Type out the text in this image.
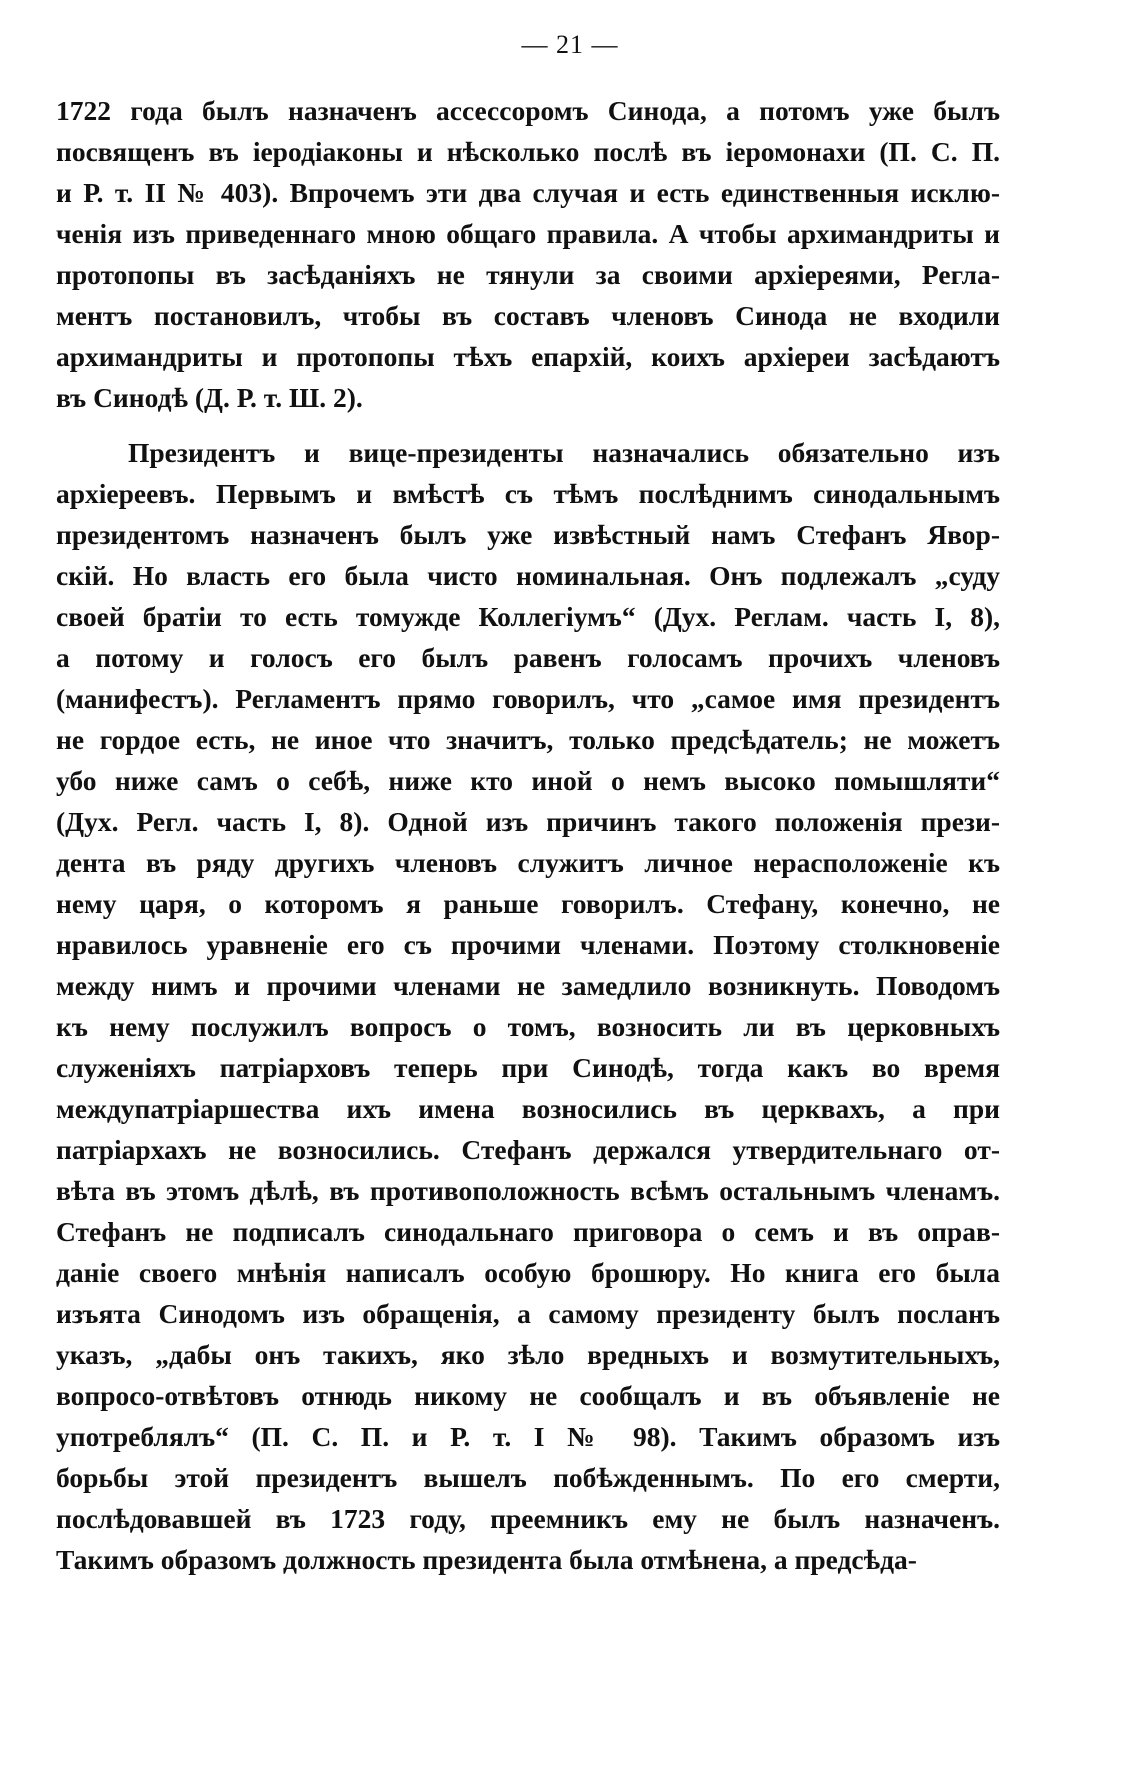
— 21 —
1722 года былъ назначенъ ассессоромъ Синода, а потомъ уже былъ
посвященъ въ іеродіаконы и нѣсколько послѣ въ іеромонахи (П. С. П.
и Р. т. II № 403). Впрочемъ эти два случая и есть единственныя исклю-
ченія изъ приведеннаго мною общаго правила. А чтобы архимандриты и
протопопы въ засѣданіяхъ не тянули за своими архіереями, Регла-
ментъ постановилъ, чтобы въ составъ членовъ Синода не входили
архимандриты и протопопы тѣхъ епархій, коихъ архіереи засѣдаютъ
въ Синодѣ (Д. Р. т. Ш. 2).
Президентъ и вице-президенты назначались обязательно изъ
архіереевъ. Первымъ и вмѣстѣ съ тѣмъ послѣднимъ синодальнымъ
президентомъ назначенъ былъ уже извѣстный намъ Стефанъ Явор-
скій. Но власть его была чисто номинальная. Онъ подлежалъ „суду
своей братіи то есть томужде Коллегіумъ“ (Дух. Реглам. часть I, 8),
а потому и голосъ его былъ равенъ голосамъ прочихъ членовъ
(манифестъ). Регламентъ прямо говорилъ, что „самое имя президентъ
не гордое есть, не иное что значитъ, только предсѣдатель; не можетъ
убо ниже самъ о себѣ, ниже кто иной о немъ высоко помышляти“
(Дух. Регл. часть I, 8). Одной изъ причинъ такого положенія прези-
дента въ ряду другихъ членовъ служитъ личное нерасположеніе къ
нему царя, о которомъ я раньше говорилъ. Стефану, конечно, не
нравилось уравненіе его съ прочими членами. Поэтому столкновеніе
между нимъ и прочими членами не замедлило возникнуть. Поводомъ
къ нему послужилъ вопросъ о томъ, возносить ли въ церковныхъ
служеніяхъ патріарховъ теперь при Синодѣ, тогда какъ во время
междупатріаршества ихъ имена возносились въ церквахъ, а при
патріархахъ не возносились. Стефанъ держался утвердительнаго от-
вѣта въ этомъ дѣлѣ, въ противоположность всѣмъ остальнымъ членамъ.
Стефанъ не подписалъ синодальнаго приговора о семъ и въ оправ-
даніе своего мнѣнія написалъ особую брошюру. Но книга его была
изъята Синодомъ изъ обращенія, а самому президенту былъ посланъ
указъ, „дабы онъ такихъ, яко зѣло вредныхъ и возмутительныхъ,
вопросо-отвѣтовъ отнюдь никому не сообщалъ и въ объявленіе не
употреблялъ“ (П. С. П. и Р. т. I № 98). Такимъ образомъ изъ
борьбы этой президентъ вышелъ побѣжденнымъ. По его смерти,
послѣдовавшей въ 1723 году, преемникъ ему не былъ назначенъ.
Такимъ образомъ должность президента была отмѣнена, а предсѣда-
